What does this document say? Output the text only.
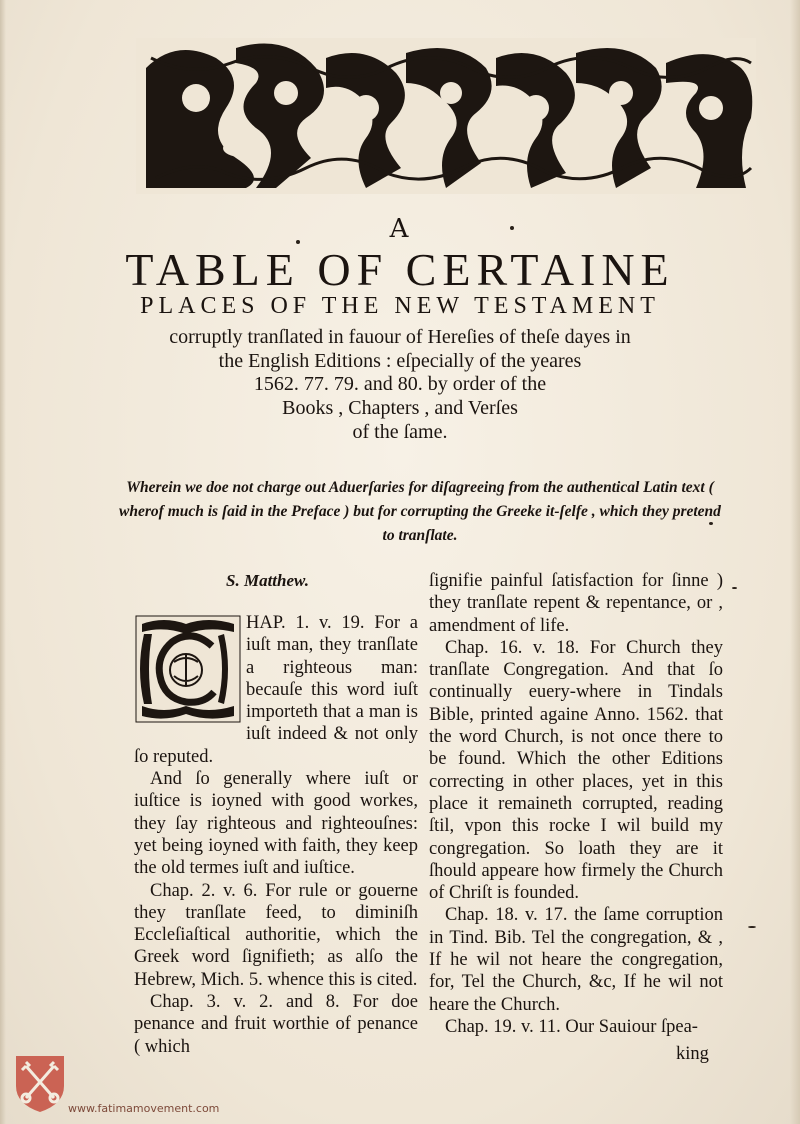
A
TABLE OF CERTAINE
PLACES OF THE NEW TESTAMENT
corruptly tranſlated in fauour of Hereſies of theſe dayes in
the English Editions : eſpecially of the yeares
1562. 77. 79. and 80. by order of the
Books , Chapters , and Verſes
of the ſame.
Wherein we doe not charge out Aduerſaries for diſagreeing from the authentical Latin text ( wherof much is ſaid in the Preface ) but for corrupting the Greeke it-ſelfe , which they pretend to tranſlate.
S. Matthew.

HAP. 1. v. 19. For a iuſt man, they tranſlate a righteous man: becauſe this word iuſt importeth that a man is iuſt indeed & not only ſo reputed.

And ſo generally where iuſt or iuſtice is ioyned with good workes, they ſay righteous and righteouſnes: yet being ioyned with faith, they keep the old termes iuſt and iuſtice.

Chap. 2. v. 6. For rule or gouerne they tranſlate feed, to diminiſh Eccleſiaſtical authoritie, which the Greek word ſignifieth; as alſo the Hebrew, Mich. 5. whence this is cited.

Chap. 3. v. 2. and 8. For doe penance and fruit worthie of penance ( which

ſignifie painful ſatisfaction for ſinne ) they tranſlate repent & repentance, or , amendment of life.

Chap. 16. v. 18. For Church they tranſlate Congregation. And that ſo continually euery-where in Tindals Bible, printed againe Anno. 1562. that the word Church, is not once there to be found. Which the other Editions correcting in other places, yet in this place it remaineth corrupted, reading ſtil, vpon this rocke I wil build my congregation. So loath they are it ſhould appeare how firmely the Church of Chriſt is founded.

Chap. 18. v. 17. the ſame corruption in Tind. Bib. Tel the congregation, & , If he wil not heare the congregation, for, Tel the Church, &c, If he wil not heare the Church.

Chap. 19. v. 11. Our Sauiour ſpea-

king
www.fatimamovement.com
